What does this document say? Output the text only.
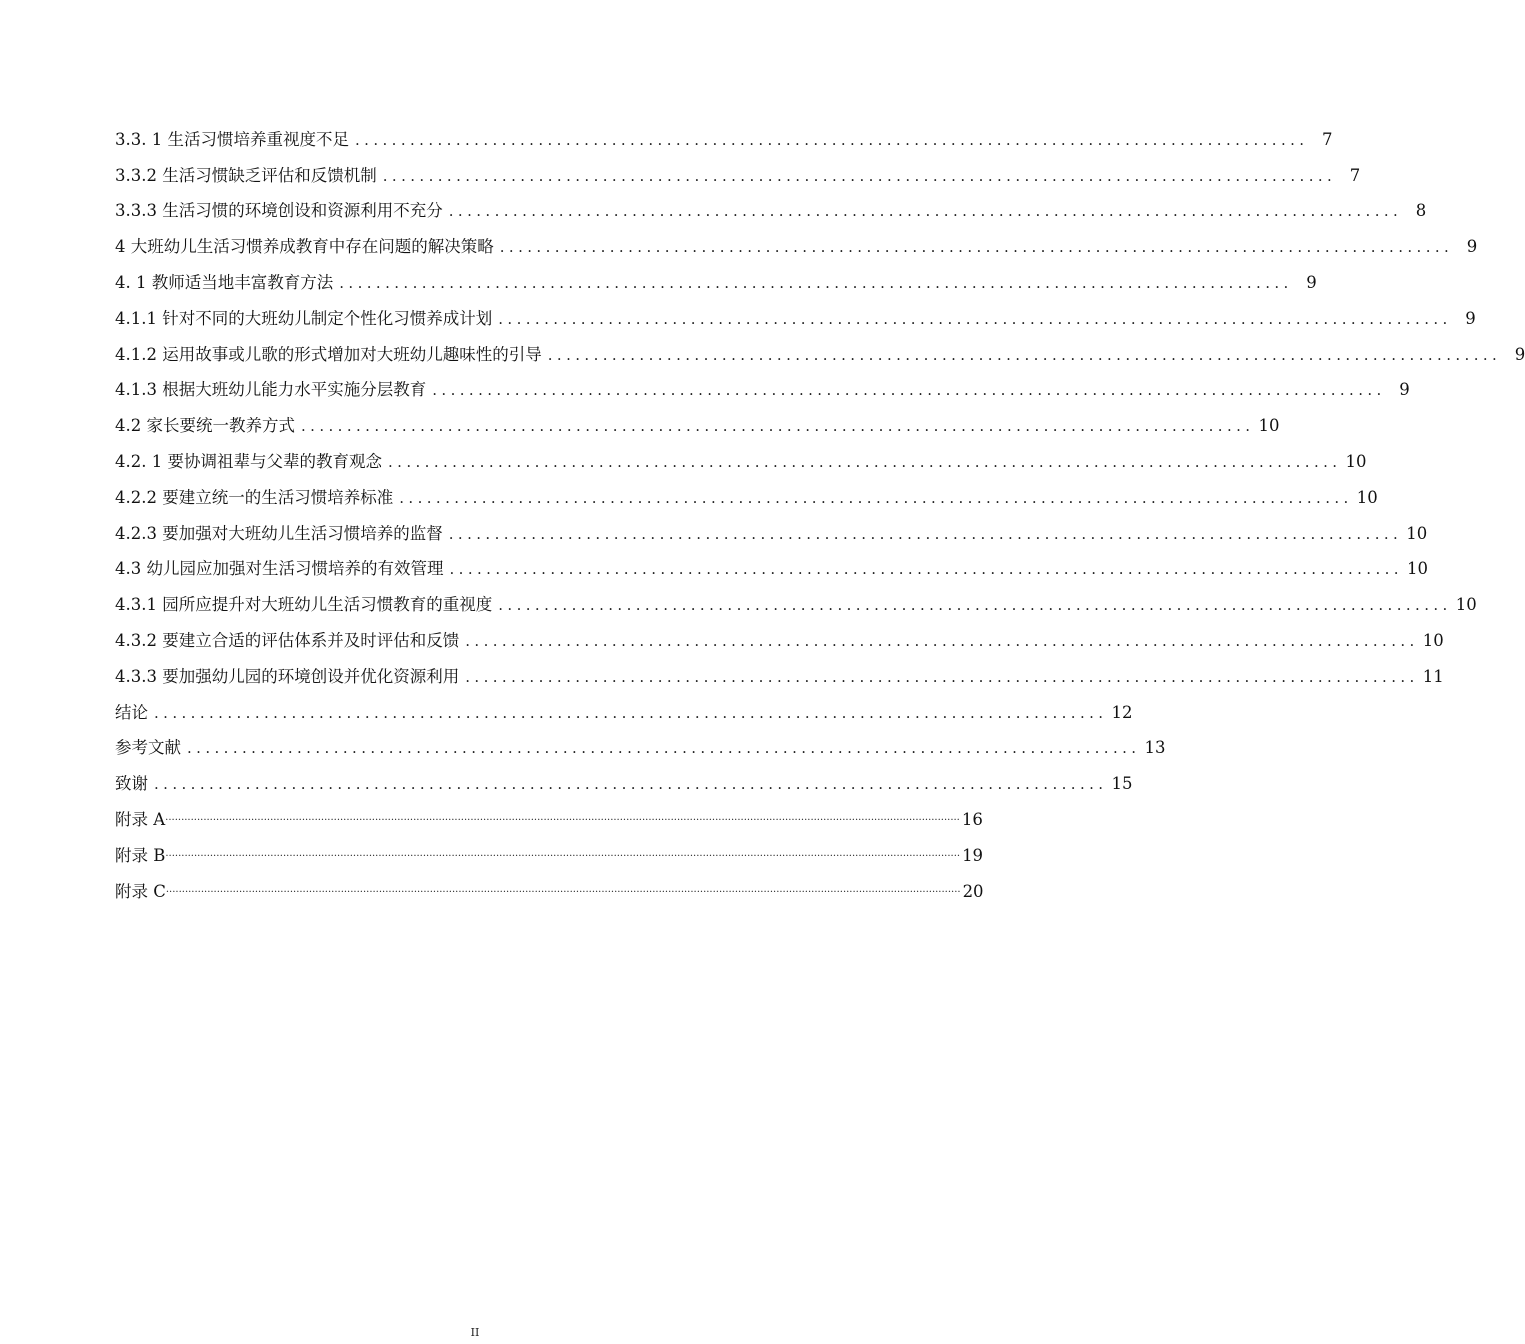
3.3. 1 生活习惯培养重视度不足 ........................................................................................................ 7
3.3.2 生活习惯缺乏评估和反馈机制 ........................................................................................................ 7
3.3.3 生活习惯的环境创设和资源利用不充分 ........................................................................................................ 8
4 大班幼儿生活习惯养成教育中存在问题的解决策略 ........................................................................................................ 9
4. 1 教师适当地丰富教育方法 ........................................................................................................ 9
4.1.1 针对不同的大班幼儿制定个性化习惯养成计划 ........................................................................................................ 9
4.1.2 运用故事或儿歌的形式增加对大班幼儿趣味性的引导 ........................................................................................................ 9
4.1.3 根据大班幼儿能力水平实施分层教育 ........................................................................................................ 9
4.2 家长要统一教养方式 ........................................................................................................ 10
4.2. 1 要协调祖辈与父辈的教育观念 ........................................................................................................ 10
4.2.2 要建立统一的生活习惯培养标准 ........................................................................................................ 10
4.2.3 要加强对大班幼儿生活习惯培养的监督 ........................................................................................................ 10
4.3 幼儿园应加强对生活习惯培养的有效管理 ........................................................................................................ 10
4.3.1 园所应提升对大班幼儿生活习惯教育的重视度 ........................................................................................................ 10
4.3.2 要建立合适的评估体系并及时评估和反馈 ........................................................................................................ 10
4.3.3 要加强幼儿园的环境创设并优化资源利用 ........................................................................................................ 11
结论 ........................................................................................................ 12
参考文献 ........................................................................................................ 13
致谢 ........................................................................................................ 15
附录 A .......................................................................................................................................................................................................................................................... 16
附录 B .......................................................................................................................................................................................................................................................... 19
附录 C .......................................................................................................................................................................................................................................................... 20
II
